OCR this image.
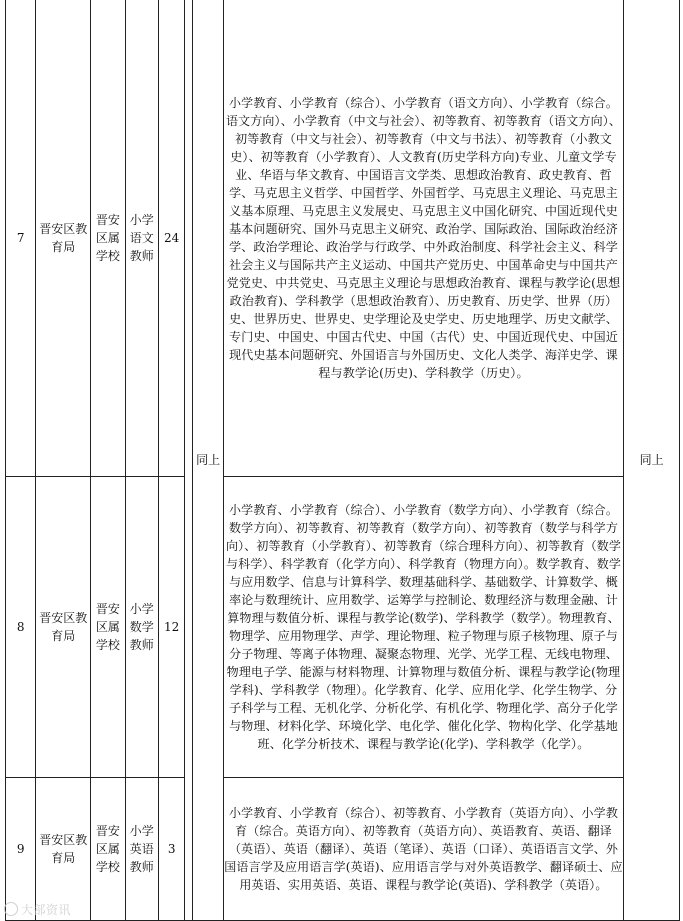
7	晋安区教育局	晋安区属学校	小学语文教师	24		同上	小学教育、小学教育（综合）、小学教育（语文方向）、小学教育（综合。语文方向）、小学教育（中文与社会）、初等教育、初等教育（语文方向）、初等教育（中文与社会）、初等教育（中文与书法）、初等教育（小教文史）、初等教育（小学教育）、人文教育(历史学科方向)专业、儿童文学专业、华语与华文教育、中国语言文学类、思想政治教育、政史教育、哲学、马克思主义哲学、中国哲学、外国哲学、马克思主义理论、马克思主义基本原理、马克思主义发展史、马克思主义中国化研究、中国近现代史基本问题研究、国外马克思主义研究、政治学、国际政治、国际政治经济学、政治学理论、政治学与行政学、中外政治制度、科学社会主义、科学社会主义与国际共产主义运动、中国共产党历史、中国革命史与中国共产党党史、中共党史、马克思主义理论与思想政治教育、课程与教学论(思想政治教育)、学科教学（思想政治教育）、历史教育、历史学、世界（历）史、世界历史、世界史、史学理论及史学史、历史地理学、历史文献学、专门史、中国史、中国古代史、中国（古代）史、中国近现代史、中国近现代史基本问题研究、外国语言与外国历史、文化人类学、海洋史学、课程与教学论(历史)、学科教学（历史）。	同上
8	晋安区教育局	晋安区属学校	小学数学教师	12			小学教育、小学教育（综合）、小学教育（数学方向）、小学教育（综合。数学方向）、初等教育、初等教育（数学方向）、初等教育（数学与科学方向）、初等教育（小学教育）、初等教育（综合理科方向）、初等教育（数学与科学）、科学教育（化学方向）、科学教育（物理方向）。数学教育、数学与应用数学、信息与计算科学、数理基础科学、基础数学、计算数学、概率论与数理统计、应用数学、运筹学与控制论、数理经济与数理金融、计算物理与数值分析、课程与教学论(数学)、学科教学（数学）。物理教育、物理学、应用物理学、声学、理论物理、粒子物理与原子核物理、原子与分子物理、等离子体物理、凝聚态物理、光学、光学工程、无线电物理、物理电子学、能源与材料物理、计算物理与数值分析、课程与教学论(物理学科)、学科教学（物理）。化学教育、化学、应用化学、化学生物学、分子科学与工程、无机化学、分析化学、有机化学、物理化学、高分子化学与物理、材料化学、环境化学、电化学、催化化学、物构化学、化学基地班、化学分析技术、课程与教学论(化学)、学科教学（化学）。	
9	晋安区教育局	晋安区属学校	小学英语教师	3			小学教育、小学教育（综合）、初等教育、小学教育（英语方向）、小学教育（综合。英语方向）、初等教育（英语方向）、英语教育、英语、翻译（英语）、英语（翻译）、英语（笔译）、英语（口译）、英语语言文学、外国语言学及应用语言学(英语)、应用语言学与对外英语教学、翻译硕士、应用英语、实用英语、英语、课程与教学论(英语)、学科教学（英语）。	
大部资讯
